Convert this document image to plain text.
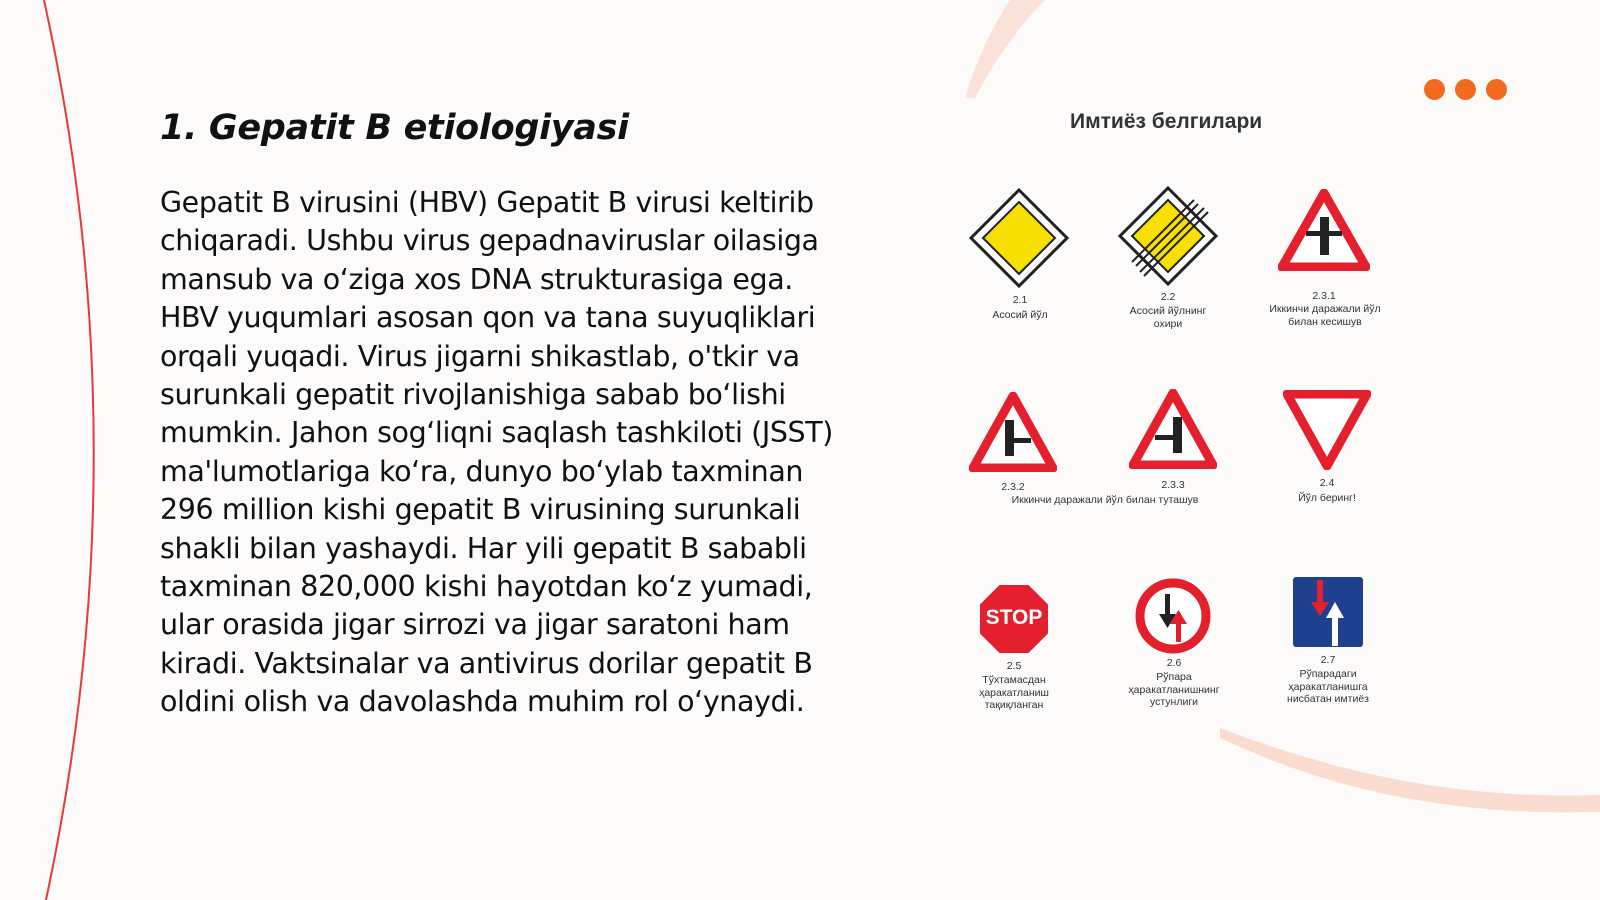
1. Gepatit B etiologiyasi

Gepatit B virusini (HBV) Gepatit B virusi keltirib chiqaradi. Ushbu virus gepadnaviruslar oilasiga mansub va o‘ziga xos DNA strukturasiga ega. HBV yuqumlari asosan qon va tana suyuqliklari orqali yuqadi. Virus jigarni shikastlab, o'tkir va surunkali gepatit rivojlanishiga sabab bo‘lishi mumkin. Jahon sog‘liqni saqlash tashkiloti (JSST) ma'lumotlariga ko‘ra, dunyo bo‘ylab taxminan 296 million kishi gepatit B virusining surunkali shakli bilan yashaydi. Har yili gepatit B sababli taxminan 820,000 kishi hayotdan ko‘z yumadi, ular orasida jigar sirrozi va jigar saratoni ham kiradi. Vaktsinalar va antivirus dorilar gepatit B oldini olish va davolashda muhim rol o‘ynaydi.

Имтиёз белгилари

2.1

Асосий йўл

2.2

Асосий йўлнинг охири

2.3.1

Иккинчи даражали йўл билан кесишув

2.3.2	2.3.3

Иккинчи даражали йўл билан туташув

2.4

Йўл беринг!

STOP

2.5

Тўхтамасдан ҳаракатланиш тақиқланган

2.6

Рўпара ҳаракатланишнинг устунлиги

2.7

Рўпарадаги ҳаракатланишга нисбатан имтиёз
